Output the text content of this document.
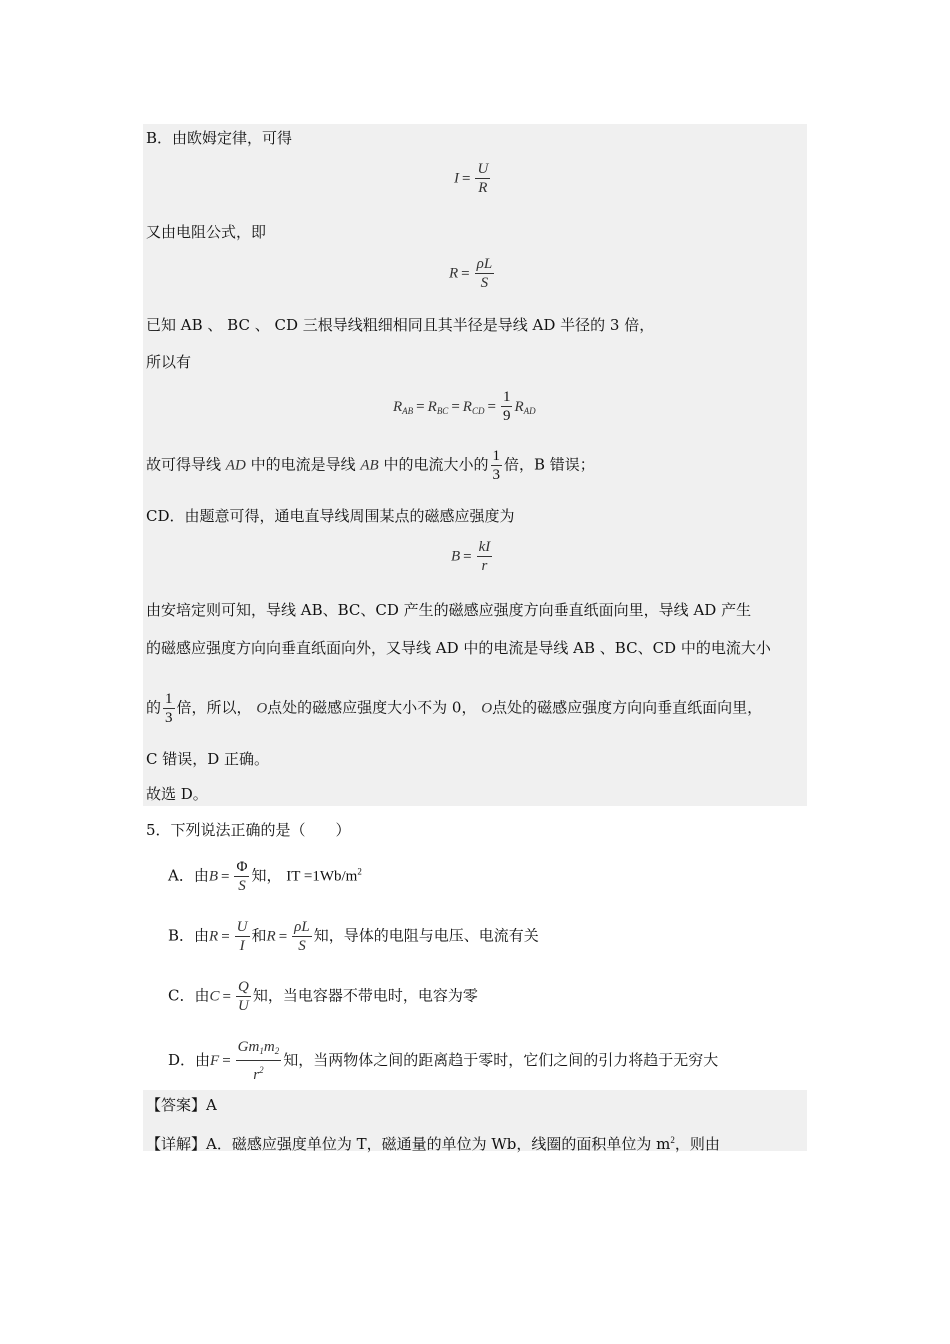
B．由欧姆定律，可得
$I = \frac{U}{R}$
又由电阻公式，即
$R = \frac{\rho L}{S}$
已知 AB 、 BC 、 CD 三根导线粗细相同且其半径是导线 AD 半径的 3 倍，
所以有
$R_{AB} = R_{BC} = R_{CD} = \frac{1}{9} R_{AD}$
故可得导线 AD 中的电流是导线 AB 中的电流大小的 $\frac{1}{3}$ 倍，B 错误；
CD．由题意可得，通电直导线周围某点的磁感应强度为
$B = \frac{kI}{r}$
由安培定则可知，导线 AB、BC、CD 产生的磁感应强度方向垂直纸面向里，导线 AD 产生
的磁感应强度方向向垂直纸面向外，又导线 AD 中的电流是导线 AB 、BC、CD 中的电流大小
的 $\frac{1}{3}$ 倍，所以， O点处的磁感应强度大小不为 0， O点处的磁感应强度方向向垂直纸面向里，
C 错误，D 正确。
故选 D。
5．下列说法正确的是（　　）
A．由$B = \frac{\Phi}{S}$ 知， IT $=1Wb/m^2$
B．由$R = \frac{U}{I}$ 和$R = \frac{\rho L}{S}$ 知，导体的电阻与电压、电流有关
C．由$C = \frac{Q}{U}$ 知，当电容器不带电时，电容为零
D．由$F = \frac{Gm_1m_2}{r^2}$ 知，当两物体之间的距离趋于零时，它们之间的引力将趋于无穷大
【答案】A
【详解】A．磁感应强度单位为 T，磁通量的单位为 Wb，线圈的面积单位为 $m^2$，则由
